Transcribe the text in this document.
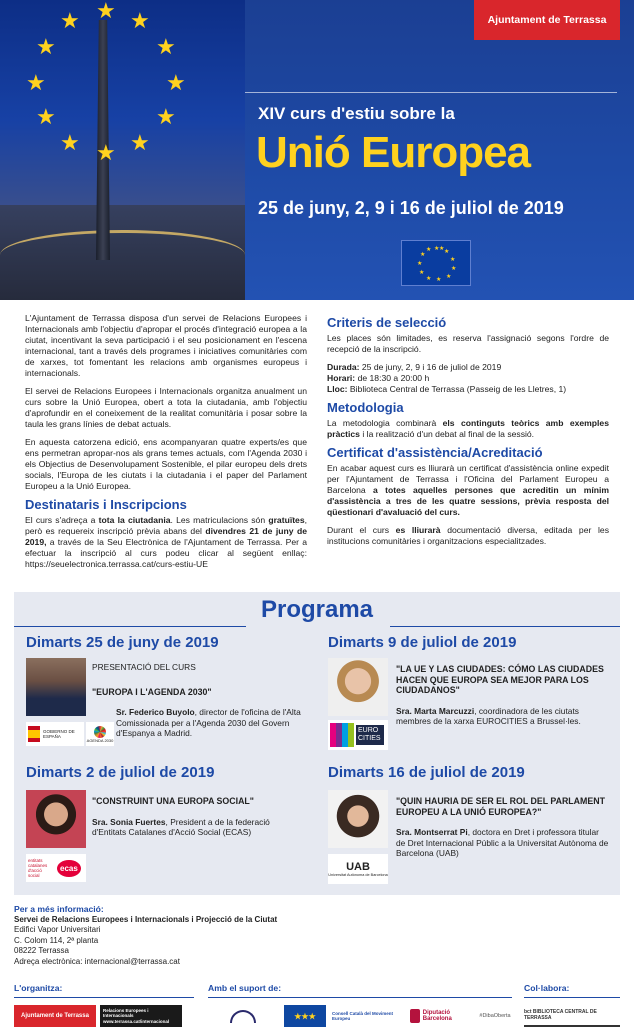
★ ★ ★
★
★
★
★
★
★
★
★
★
Ajuntament de Terrassa
XIV curs d'estiu sobre la
Unió Europea
25 de juny, 2, 9 i 16 de juliol de 2019
★ ★
★
★
★
★
★
★
★
★
★ ★

L'Ajuntament de Terrassa disposa d'un servei de Relacions Europees i Internacionals amb l'objectiu d'apropar el procés d'integració europea a la ciutat, incentivant la seva participació i el seu posicionament en l'escena internacional, tant a través dels programes i iniciatives comunitàries com de xarxes, tot fomentant les relacions amb organismes europeus i internacionals.

El servei de Relacions Europees i Internacionals organitza anualment un curs sobre la Unió Europea, obert a tota la ciutadania, amb l'objectiu d'aprofundir en el coneixement de la realitat comunitària i posar sobre la taula les grans línies de debat actuals.

En aquesta catorzena edició, ens acompanyaran quatre experts/es que ens permetran apropar-nos als grans temes actuals, com l'Agenda 2030 i els Objectius de Desenvolupament Sostenible, el pilar europeu dels drets socials, l'Europa de les ciutats i la ciutadania i el paper del Parlament Europeu a la Unió Europea.

Destinataris i Inscripcions

El curs s'adreça a tota la ciutadania. Les matriculacions són gratuïtes, però es requereix inscripció prèvia abans del divendres 21 de juny de 2019, a través de la Seu Electrònica de l'Ajuntament de Terrassa. Per a efectuar la inscripció al curs podeu clicar al següent enllaç: https://seuelectronica.terrassa.cat/curs-estiu-UE

Criteris de selecció

Les places són limitades, es reserva l'assignació segons l'ordre de recepció de la inscripció.

Durada: 25 de juny, 2, 9 i 16 de juliol de 2019
Horari: de 18:30 a 20:00 h
Lloc: Biblioteca Central de Terrassa (Passeig de les Lletres, 1)

Metodologia

La metodologia combinarà els continguts teòrics amb exemples pràctics i la realització d'un debat al final de la sessió.

Certificat d'assistència/Acreditació

En acabar aquest curs es lliurarà un certificat d'assistència online expedit per l'Ajuntament de Terrassa i l'Oficina del Parlament Europeu a Barcelona a totes aquelles persones que acreditin un mínim d'assistència a tres de les quatre sessions, prèvia resposta del qüestionari d'avaluació del curs.

Durant el curs es lliurarà documentació diversa, editada per les institucions comunitàries i organitzacions especialitzades.

Programa
Dimarts 25 de juny de 2019
GOBIERNO DE ESPAÑA
AGENDA 2030
PRESENTACIÓ DEL CURS
"EUROPA I L'AGENDA 2030"
Sr. Federico Buyolo, director de l'oficina de l'Alta Comissionada per a l'Agenda 2030 del Govern d'Espanya a Madrid.
Dimarts 9 de juliol de 2019
EURO CITIES
"LA UE Y LAS CIUDADES: CÓMO LAS CIUDADES HACEN QUE EUROPA SEA MEJOR PARA LOS CIUDADANOS"
Sra. Marta Marcuzzi, coordinadora de les ciutats membres de la xarxa EUROCITIES a Brussel·les.
Dimarts 2 de juliol de 2019
entitats catalanes d'acció social
ecas
"CONSTRUINT UNA EUROPA SOCIAL"
Sra. Sonia Fuertes, President a de la federació d'Entitats Catalanes d'Acció Social (ECAS)
Dimarts 16 de juliol de 2019
UAB
Universitat Autònoma de Barcelona
"QUIN HAURIA DE SER EL ROL DEL PARLAMENT EUROPEU A LA UNIÓ EUROPEA?"
Sra. Montserrat Pi, doctora en Dret i professora titular de Dret Internacional Públic a la Universitat Autònoma de Barcelona (UAB)
Per a més informació:
Servei de Relacions Europees i Internacionals i Projecció de la Ciutat
Edifici Vapor Universitari
C. Colom 114, 2ª planta
08222 Terrassa
Adreça electrònica: internacional@terrassa.cat
L'organitza:	Amb el suport de:	Col·labora:
Ajuntament de Terrassa
Relacions Europees i Internacionals www.terrassa.cat/internacional
★★★	Consell Català del Moviment Europeu
Diputació Barcelona	#DibaOberta
bct BIBLIOTECA CENTRAL DE TERRASSA
